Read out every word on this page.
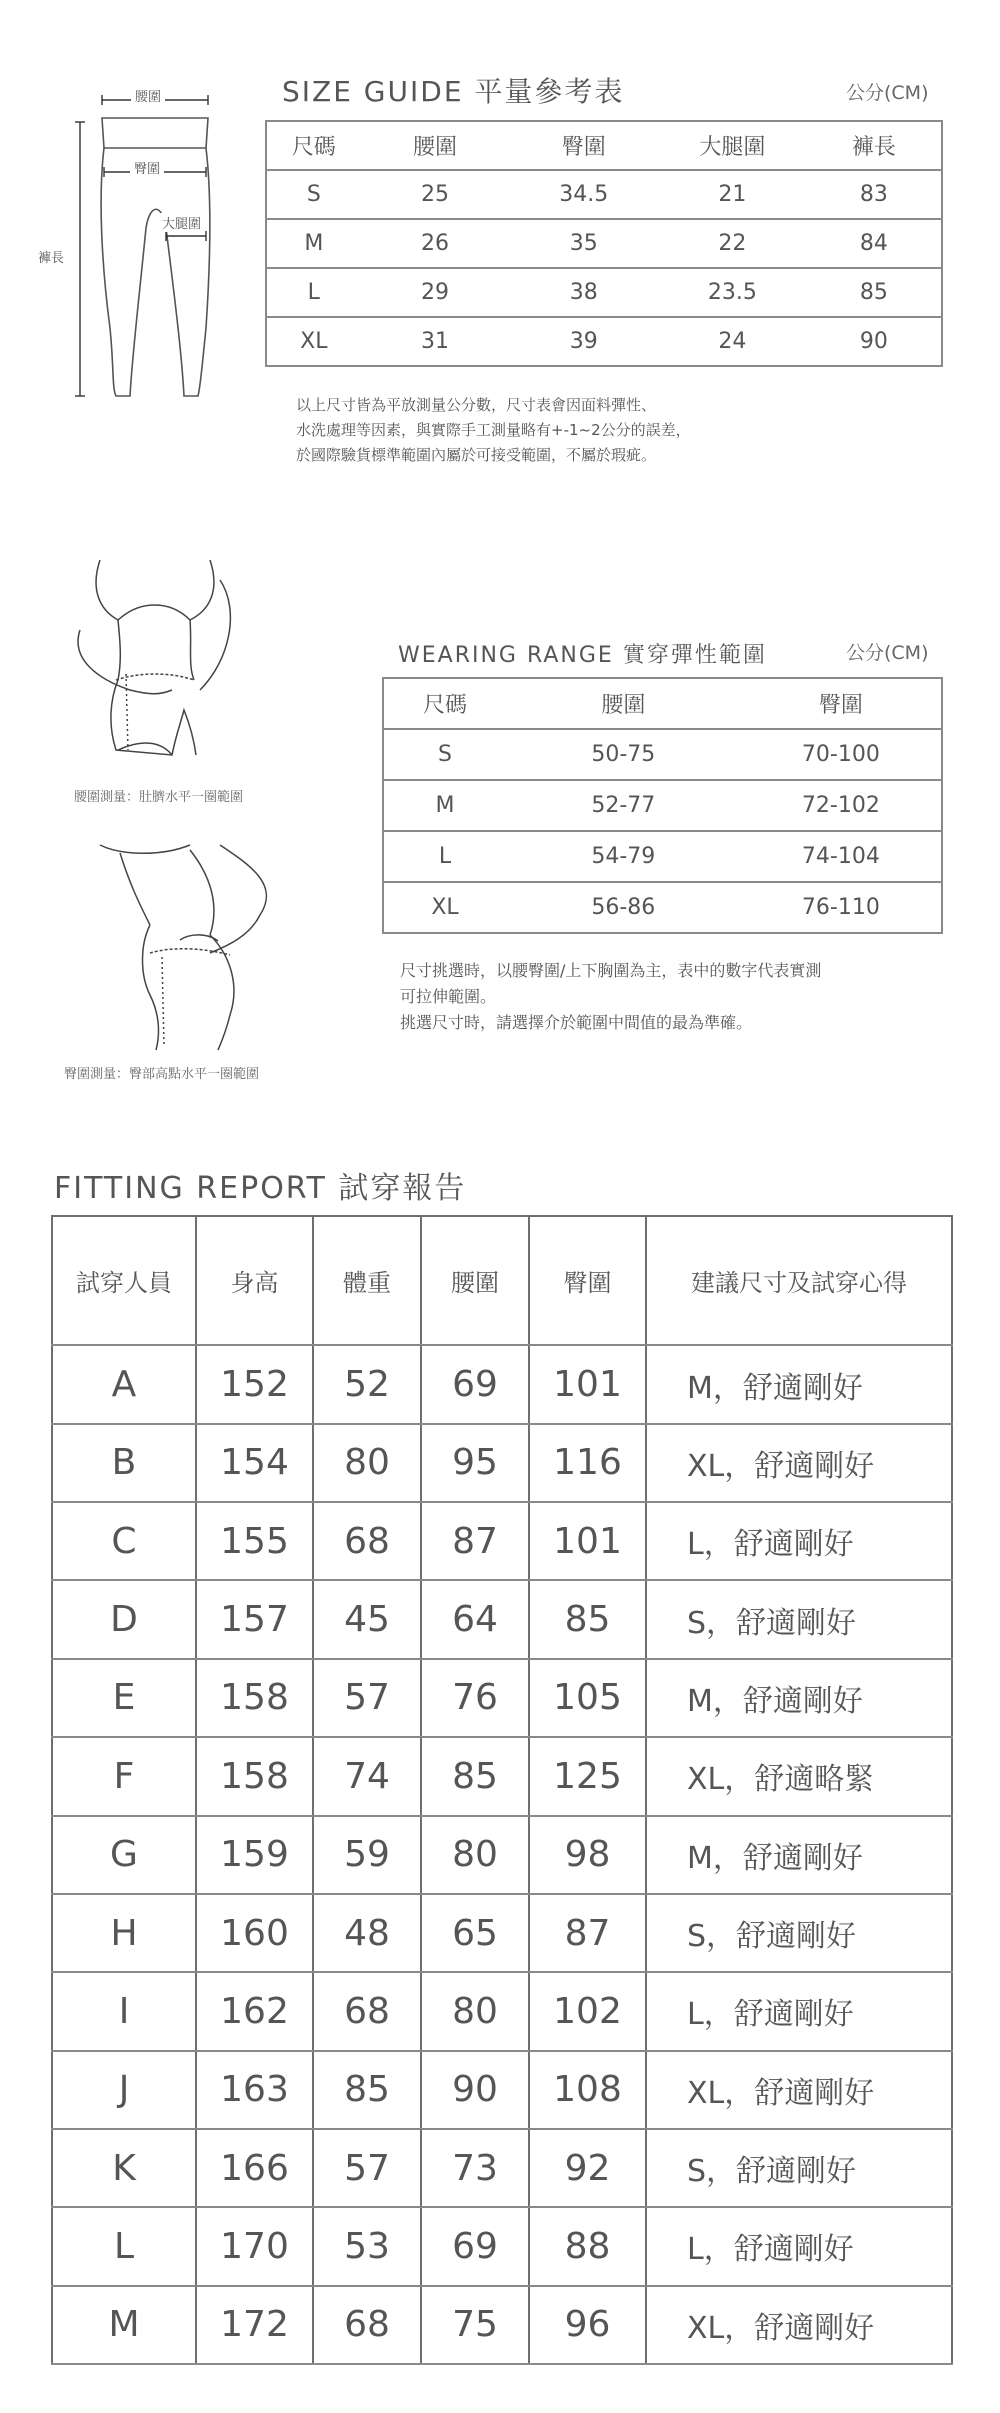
腰圍
臀圍
大腿圍
褲長
SIZE GUIDE 平量參考表	公分(CM)
尺碼	腰圍	臀圍	大腿圍	褲長
S	25	34.5	21	83
M	26	35	22	84
L	29	38	23.5	85
XL	31	39	24	90
以上尺寸皆為平放測量公分數，尺寸表會因面料彈性、
水洗處理等因素，與實際手工測量略有+-1~2公分的誤差，
於國際驗貨標準範圍內屬於可接受範圍，不屬於瑕疵。
腰圍測量：肚臍水平一圈範圍
臀圍測量：臀部高點水平一圈範圍
WEARING RANGE 實穿彈性範圍	公分(CM)
尺碼	腰圍	臀圍
S	50-75	70-100
M	52-77	72-102
L	54-79	74-104
XL	56-86	76-110
尺寸挑選時，以腰臀圍/上下胸圍為主，表中的數字代表實測
可拉伸範圍。
挑選尺寸時，請選擇介於範圍中間值的最為準確。
FITTING REPORT 試穿報告
試穿人員	身高	體重	腰圍	臀圍	建議尺寸及試穿心得
A	152	52	69	101	M，舒適剛好
B	154	80	95	116	XL，舒適剛好
C	155	68	87	101	L，舒適剛好
D	157	45	64	85	S，舒適剛好
E	158	57	76	105	M，舒適剛好
F	158	74	85	125	XL，舒適略緊
G	159	59	80	98	M，舒適剛好
H	160	48	65	87	S，舒適剛好
I	162	68	80	102	L，舒適剛好
J	163	85	90	108	XL，舒適剛好
K	166	57	73	92	S，舒適剛好
L	170	53	69	88	L，舒適剛好
M	172	68	75	96	XL，舒適剛好
